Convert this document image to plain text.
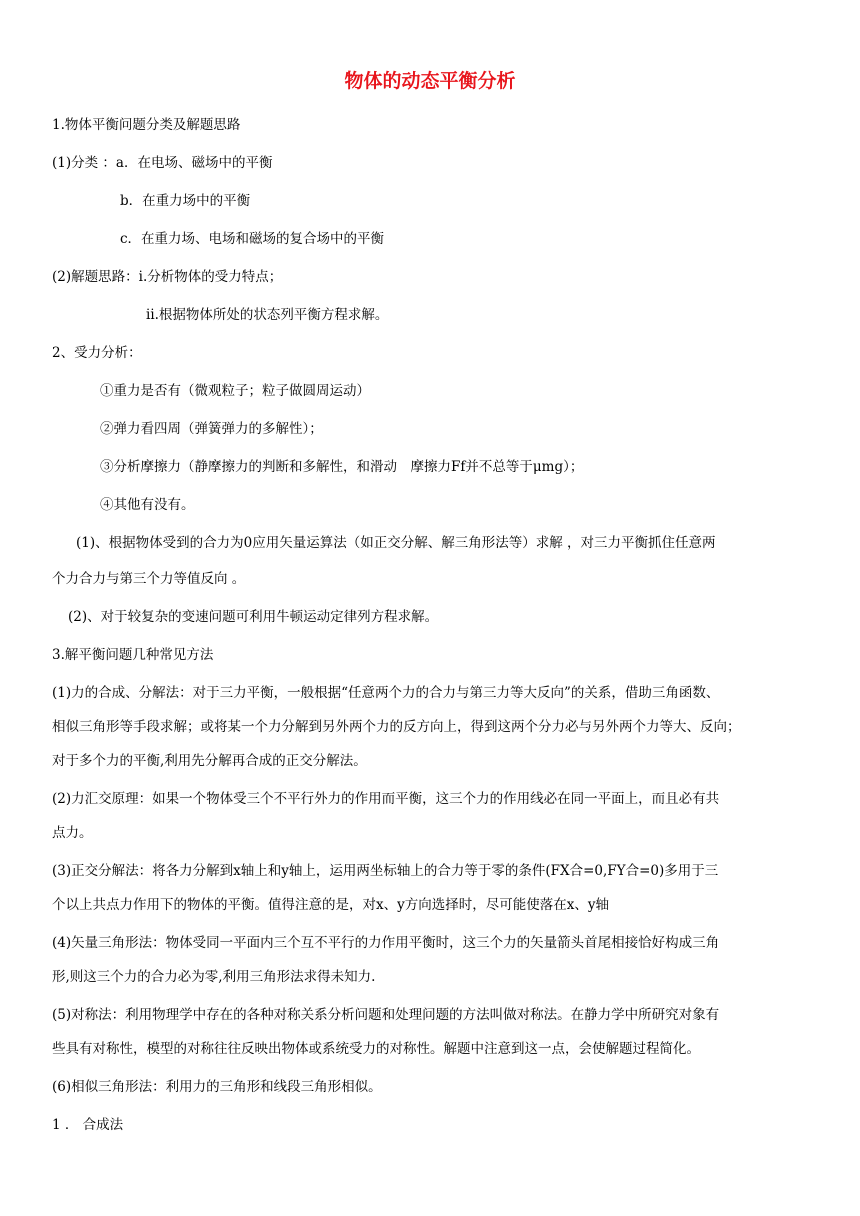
物体的动态平衡分析
1.物体平衡问题分类及解题思路
(1)分类 ：a．在电场、磁场中的平衡
b．在重力场中的平衡
c．在重力场、电场和磁场的复合场中的平衡
(2)解题思路：ⅰ.分析物体的受力特点；
ⅱ.根据物体所处的状态列平衡方程求解。
2、受力分析：
①重力是否有（微观粒子；粒子做圆周运动）
②弹力看四周（弹簧弹力的多解性）；
③分析摩擦力（静摩擦力的判断和多解性，和滑动　摩擦力Ff并不总等于μmg）；
④其他有没有。
(1)、根据物体受到的合力为0应用矢量运算法（如正交分解、解三角形法等）求解 ，对三力平衡抓住任意两
个力合力与第三个力等值反向 。
(2)、对于较复杂的变速问题可利用牛顿运动定律列方程求解。
3.解平衡问题几种常见方法
(1)力的合成、分解法：对于三力平衡，一般根据“任意两个力的合力与第三力等大反向”的关系，借助三角函数、
相似三角形等手段求解；或将某一个力分解到另外两个力的反方向上，得到这两个分力必与另外两个力等大、反向；
对于多个力的平衡,利用先分解再合成的正交分解法。
(2)力汇交原理：如果一个物体受三个不平行外力的作用而平衡，这三个力的作用线必在同一平面上，而且必有共
点力。
(3)正交分解法：将各力分解到x轴上和y轴上，运用两坐标轴上的合力等于零的条件(FX合=0,FY合=0)多用于三
个以上共点力作用下的物体的平衡。值得注意的是，对x、y方向选择时，尽可能使落在x、y轴
(4)矢量三角形法：物体受同一平面内三个互不平行的力作用平衡时，这三个力的矢量箭头首尾相接恰好构成三角
形,则这三个力的合力必为零,利用三角形法求得未知力.
(5)对称法：利用物理学中存在的各种对称关系分析问题和处理问题的方法叫做对称法。在静力学中所研究对象有
些具有对称性，模型的对称往往反映出物体或系统受力的对称性。解题中注意到这一点，会使解题过程简化。
(6)相似三角形法：利用力的三角形和线段三角形相似。
1 ． 合成法
